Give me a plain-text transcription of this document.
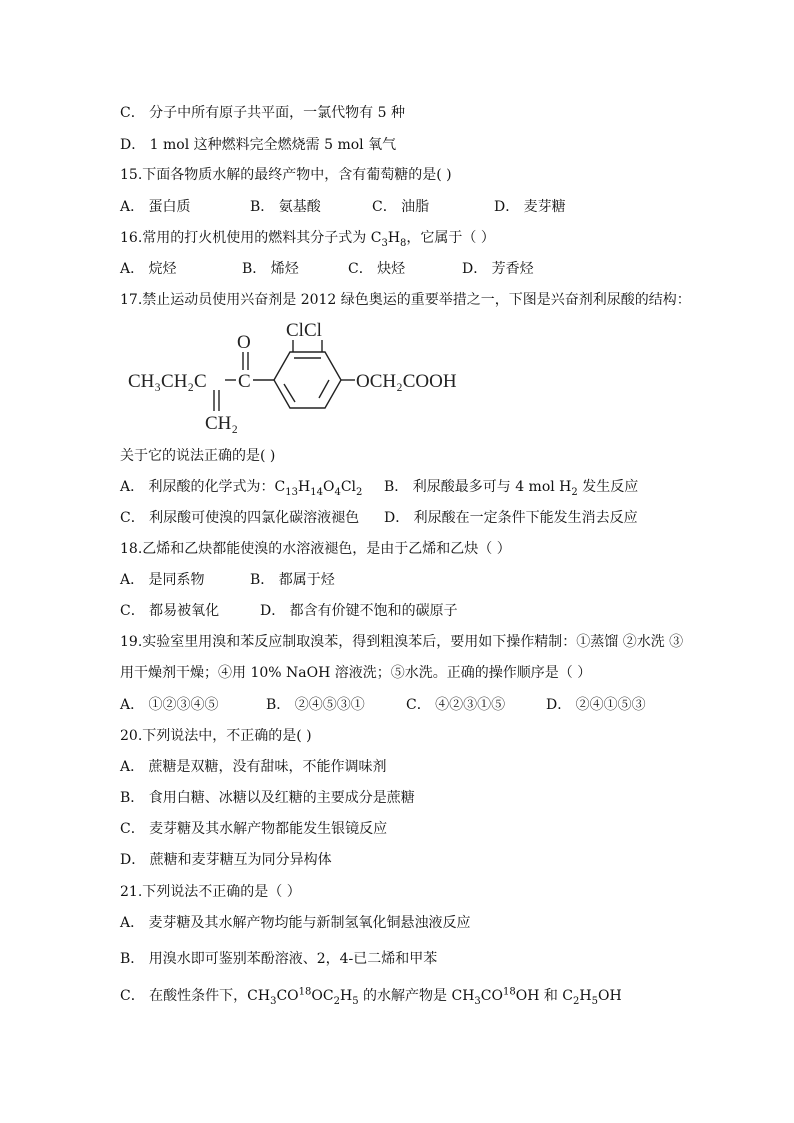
C． 分子中所有原子共平面，一氯代物有 5 种
D． 1 mol 这种燃料完全燃烧需 5 mol 氧气
15.下面各物质水解的最终产物中，含有葡萄糖的是( )
A． 蛋白质	B． 氨基酸	C． 油脂	D． 麦芽糖
16.常用的打火机使用的燃料其分子式为 $C_3H_8$，它属于（ ）
A． 烷烃	B． 烯烃	C． 炔烃	D． 芳香烃
17.禁止运动员使用兴奋剂是 2012 绿色奥运的重要举措之一，下图是兴奋剂利尿酸的结构：
CH₃CH₂C C
O
CH₂
ClCl
OCH₂COOH
关于它的说法正确的是( )
A． 利尿酸的化学式为：$C_{13}H_{14}O_4Cl_2$ B． 利尿酸最多可与 4 mol $H_2$ 发生反应
C． 利尿酸可使溴的四氯化碳溶液褪色 D． 利尿酸在一定条件下能发生消去反应
18.乙烯和乙炔都能使溴的水溶液褪色，是由于乙烯和乙炔（ ）
A． 是同系物	B． 都属于烃
C． 都易被氧化	D． 都含有价键不饱和的碳原子
19.实验室里用溴和苯反应制取溴苯，得到粗溴苯后，要用如下操作精制：①蒸馏 ②水洗 ③
用干燥剂干燥；④用 10% NaOH 溶液洗；⑤水洗。正确的操作顺序是（ ）
A． ①②③④⑤	B． ②④⑤③①	C． ④②③①⑤	D． ②④①⑤③
20.下列说法中，不正确的是( )
A． 蔗糖是双糖，没有甜味，不能作调味剂
B． 食用白糖、冰糖以及红糖的主要成分是蔗糖
C． 麦芽糖及其水解产物都能发生银镜反应
D． 蔗糖和麦芽糖互为同分异构体
21.下列说法不正确的是（ ）
A． 麦芽糖及其水解产物均能与新制氢氧化铜悬浊液反应
B． 用溴水即可鉴别苯酚溶液、2，4-已二烯和甲苯
C． 在酸性条件下，$CH_3CO^{18}OC_2H_5$ 的水解产物是 $CH_3CO^{18}OH$ 和 $C_2H_5OH$
